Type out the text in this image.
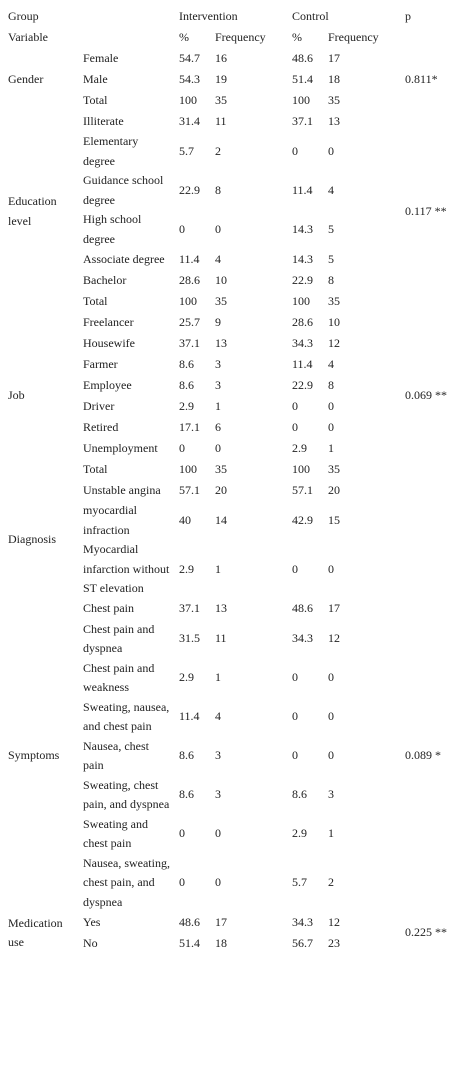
Group		Intervention		Control		p
Variable		%	Frequency	%	Frequency	
Gender	Female	54.7	16	48.6	17	0.811*
	Male	54.3	19	51.4	18	
	Total	100	35	100	35	
Education level	Illiterate	31.4	11	37.1	13	0.117 **
	Elementary degree	5.7	2	0	0	
	Guidance school degree	22.9	8	11.4	4	
	High school degree	0	0	14.3	5	
	Associate degree	11.4	4	14.3	5	
	Bachelor	28.6	10	22.9	8	
	Total	100	35	100	35	
Job	Freelancer	25.7	9	28.6	10	0.069 **
	Housewife	37.1	13	34.3	12	
	Farmer	8.6	3	11.4	4	
	Employee	8.6	3	22.9	8	
	Driver	2.9	1	0	0	
	Retired	17.1	6	0	0	
	Unemployment	0	0	2.9	1	
	Total	100	35	100	35	
Diagnosis	Unstable angina	57.1	20	57.1	20	
	myocardial infraction	40	14	42.9	15	
	Myocardial infarction without ST elevation	2.9	1	0	0	
Symptoms	Chest pain	37.1	13	48.6	17	0.089 *
	Chest pain and dyspnea	31.5	11	34.3	12	
	Chest pain and weakness	2.9	1	0	0	
	Sweating, nausea, and chest pain	11.4	4	0	0	
	Nausea, chest pain	8.6	3	0	0	
	Sweating, chest pain, and dyspnea	8.6	3	8.6	3	
	Sweating and chest pain	0	0	2.9	1	
	Nausea, sweating, chest pain, and dyspnea	0	0	5.7	2	
Medication use	Yes	48.6	17	34.3	12	0.225 **
	No	51.4	18	56.7	23	
